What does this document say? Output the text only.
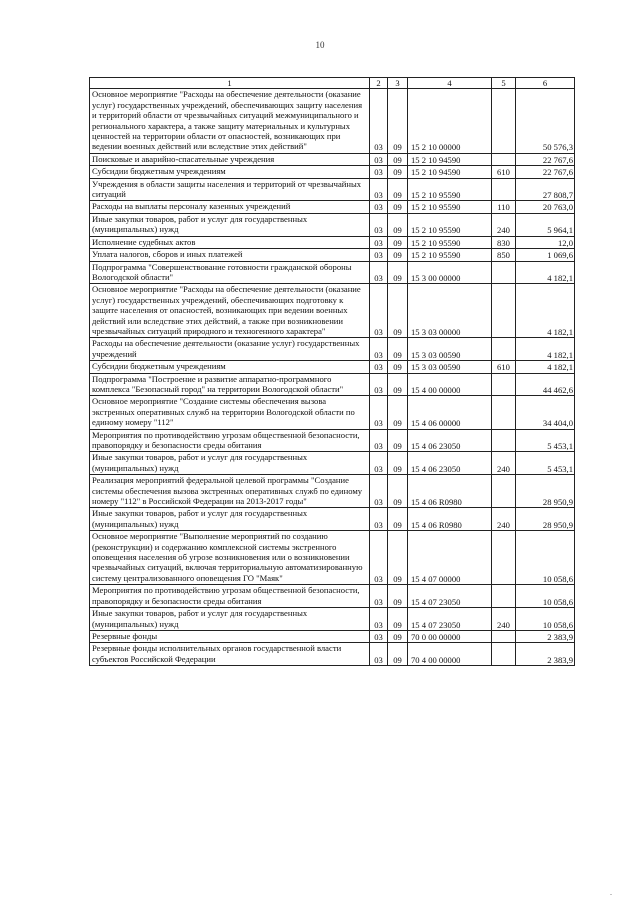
10
1	2	3	4	5	6
Основное мероприятие "Расходы на обеспечение деятельности (оказание услуг) государственных учреждений, обеспечивающих защиту населения и территорий области от чрезвычайных ситуаций межмуниципального и регионального характера, а также защиту материальных и культурных ценностей на территории области от опасностей, возникающих при ведении военных действий или вследствие этих действий"	03	09	15 2 10 00000		50 576,3
Поисковые и аварийно-спасательные учреждения	03	09	15 2 10 94590		22 767,6
Субсидии бюджетным учреждениям	03	09	15 2 10 94590	610	22 767,6
Учреждения в области защиты населения и территорий от чрезвычайных ситуаций	03	09	15 2 10 95590		27 808,7
Расходы на выплаты персоналу казенных учреждений	03	09	15 2 10 95590	110	20 763,0
Иные закупки товаров, работ и услуг для государственных (муниципальных) нужд	03	09	15 2 10 95590	240	5 964,1
Исполнение судебных актов	03	09	15 2 10 95590	830	12,0
Уплата налогов, сборов и иных платежей	03	09	15 2 10 95590	850	1 069,6
Подпрограмма "Совершенствование готовности гражданской обороны Вологодской области"	03	09	15 3 00 00000		4 182,1
Основное мероприятие "Расходы на обеспечение деятельности (оказание услуг) государственных учреждений, обеспечивающих подготовку к защите населения от опасностей, возникающих при ведении военных действий или вследствие этих действий, а также при возникновении чрезвычайных ситуаций природного и техногенного характера"	03	09	15 3 03 00000		4 182,1
Расходы на обеспечение деятельности (оказание услуг) государственных учреждений	03	09	15 3 03 00590		4 182,1
Субсидии бюджетным учреждениям	03	09	15 3 03 00590	610	4 182,1
Подпрограмма "Построение и развитие аппаратно-программного комплекса "Безопасный город" на территории Вологодской области"	03	09	15 4 00 00000		44 462,6
Основное мероприятие "Создание системы обеспечения вызова экстренных оперативных служб на территории Вологодской области по единому номеру "112"	03	09	15 4 06 00000		34 404,0
Мероприятия по противодействию угрозам общественной безопасности, правопорядку и безопасности среды обитания	03	09	15 4 06 23050		5 453,1
Иные закупки товаров, работ и услуг для государственных (муниципальных) нужд	03	09	15 4 06 23050	240	5 453,1
Реализация мероприятий федеральной целевой программы "Создание системы обеспечения вызова экстренных оперативных служб по единому номеру "112" в Российской Федерации на 2013-2017 годы"	03	09	15 4 06 R0980		28 950,9
Иные закупки товаров, работ и услуг для государственных (муниципальных) нужд	03	09	15 4 06 R0980	240	28 950,9
Основное мероприятие "Выполнение мероприятий по созданию (реконструкции) и содержанию комплексной системы экстренного оповещения населения об угрозе возникновения или о возникновении чрезвычайных ситуаций, включая территориальную автоматизированную систему централизованного оповещения ГО "Маяк"	03	09	15 4 07 00000		10 058,6
Мероприятия по противодействию угрозам общественной безопасности, правопорядку и безопасности среды обитания	03	09	15 4 07 23050		10 058,6
Иные закупки товаров, работ и услуг для государственных (муниципальных) нужд	03	09	15 4 07 23050	240	10 058,6
Резервные фонды	03	09	70 0 00 00000		2 383,9
Резервные фонды исполнительных органов государственной власти субъектов Российской Федерации	03	09	70 4 00 00000		2 383,9
.
